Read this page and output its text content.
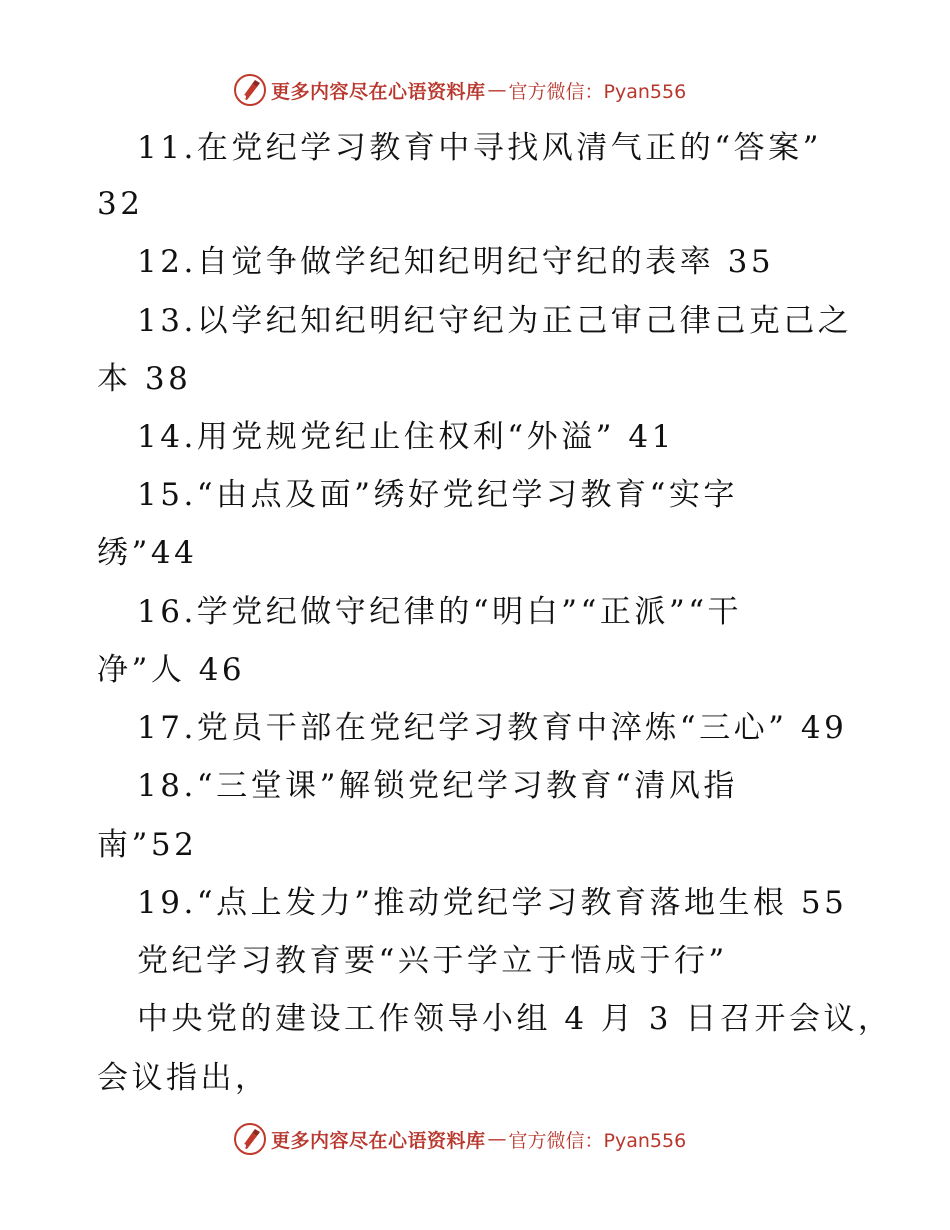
更多内容尽在心语资料库 — 官方微信：Pyan556
11.在党纪学习教育中寻找风清气正的“答案”
32
12.自觉争做学纪知纪明纪守纪的表率 35
13.以学纪知纪明纪守纪为正己审己律己克己之
本 38
14.用党规党纪止住权利“外溢” 41
15.“由点及面”绣好党纪学习教育“实字
绣”44
16.学党纪做守纪律的“明白”“正派”“干
净”人 46
17.党员干部在党纪学习教育中淬炼“三心” 49
18.“三堂课”解锁党纪学习教育“清风指
南”52
19.“点上发力”推动党纪学习教育落地生根 55
党纪学习教育要“兴于学立于悟成于行”
中央党的建设工作领导小组 4 月 3 日召开会议，
会议指出，
更多内容尽在心语资料库 — 官方微信：Pyan556
